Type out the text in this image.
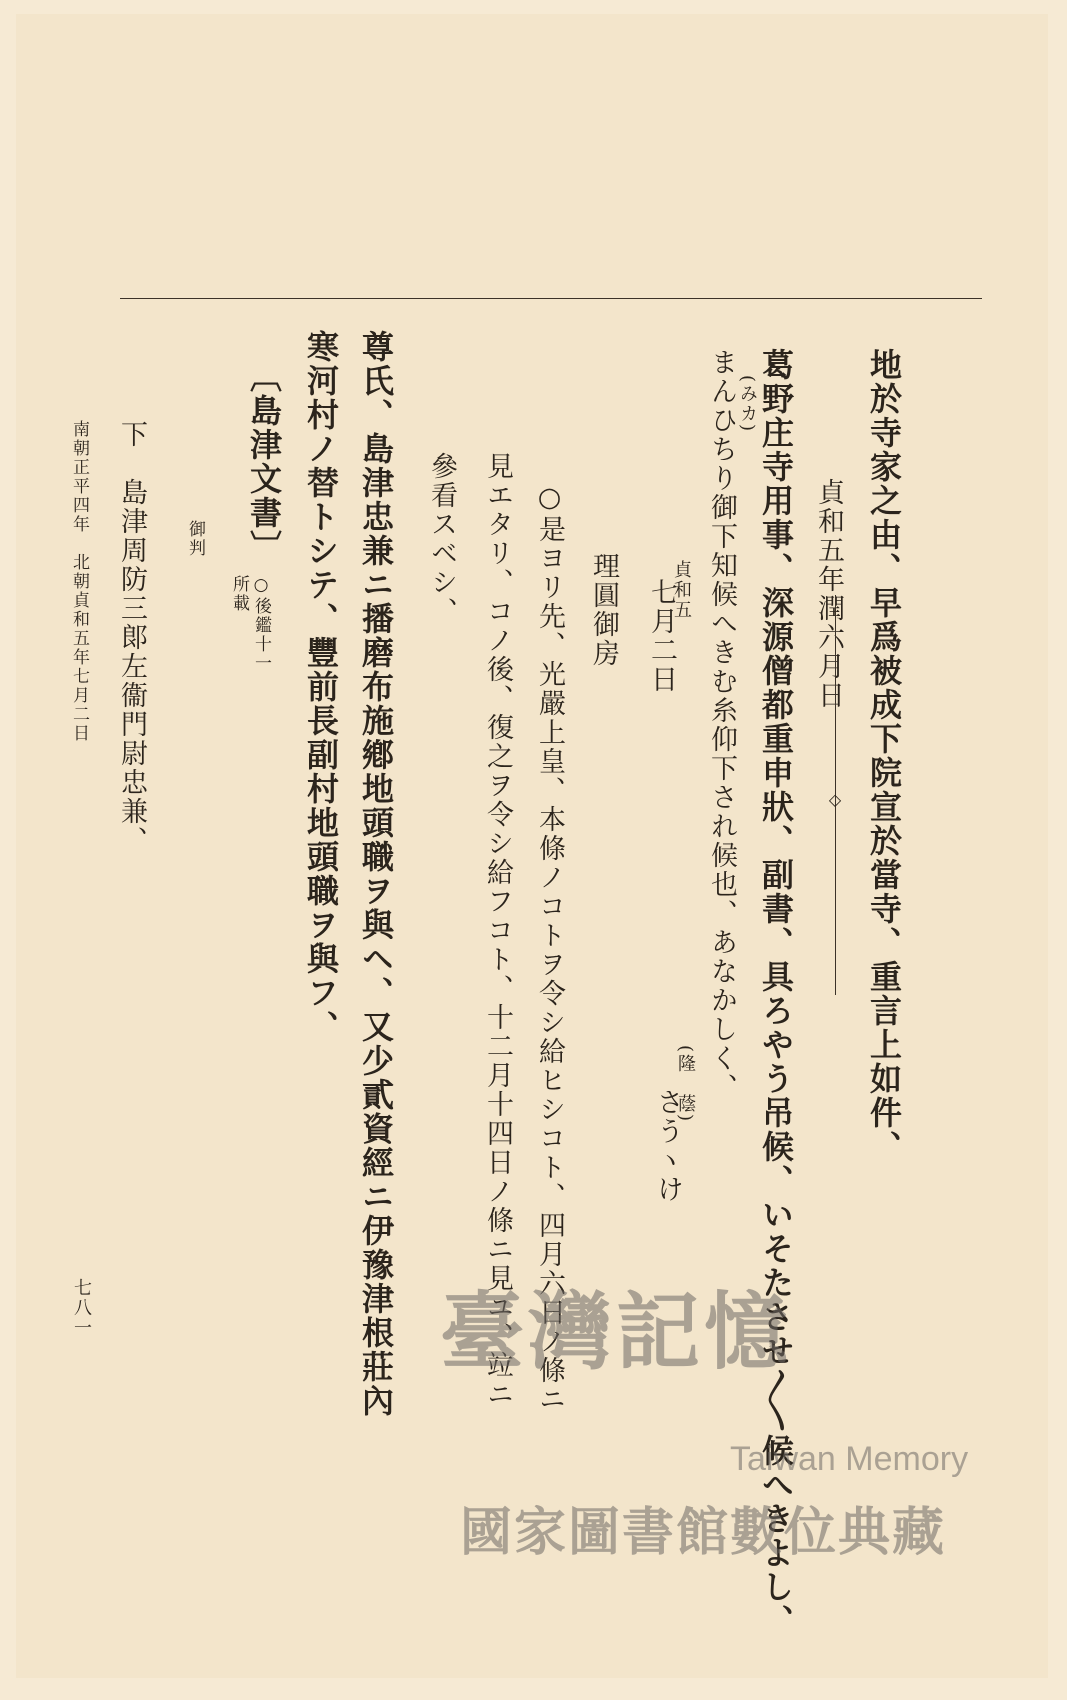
地於寺家之由、早爲被成下院宣於當寺、重言上如件、
貞和五年潤六月日
◇
葛野庄寺用事、深源僧都重申狀、副書、具ろやう吊候、いそたさせ〳〵候へきよし、
(みカ)
まんひちり御下知候へきむ糸仰下され候也、あなかしく、
(隆　蔭)
さうヽけ
貞和五
七月二日
理圓御房
○是ヨリ先、光嚴上皇、本條ノコトヲ令シ給ヒシコト、四月六日ノ條ニ
見エタリ、コノ後、復之ヲ令シ給フコト、十二月十四日ノ條ニ見ユ、竝ニ
參看スベシ、
尊氏、島津忠兼ニ播磨布施鄕地頭職ヲ與ヘ、又少貳資經ニ伊豫津根莊內
寒河村ノ替トシテ、豐前長副村地頭職ヲ與フ、
〔島津文書〕
○後鑑十一
所載
御判
下　島津周防三郞左衞門尉忠兼、
南朝正平四年　北朝貞和五年七月二日
七八一	臺灣記憶
Taiwan Memory
國家圖書館數位典藏
